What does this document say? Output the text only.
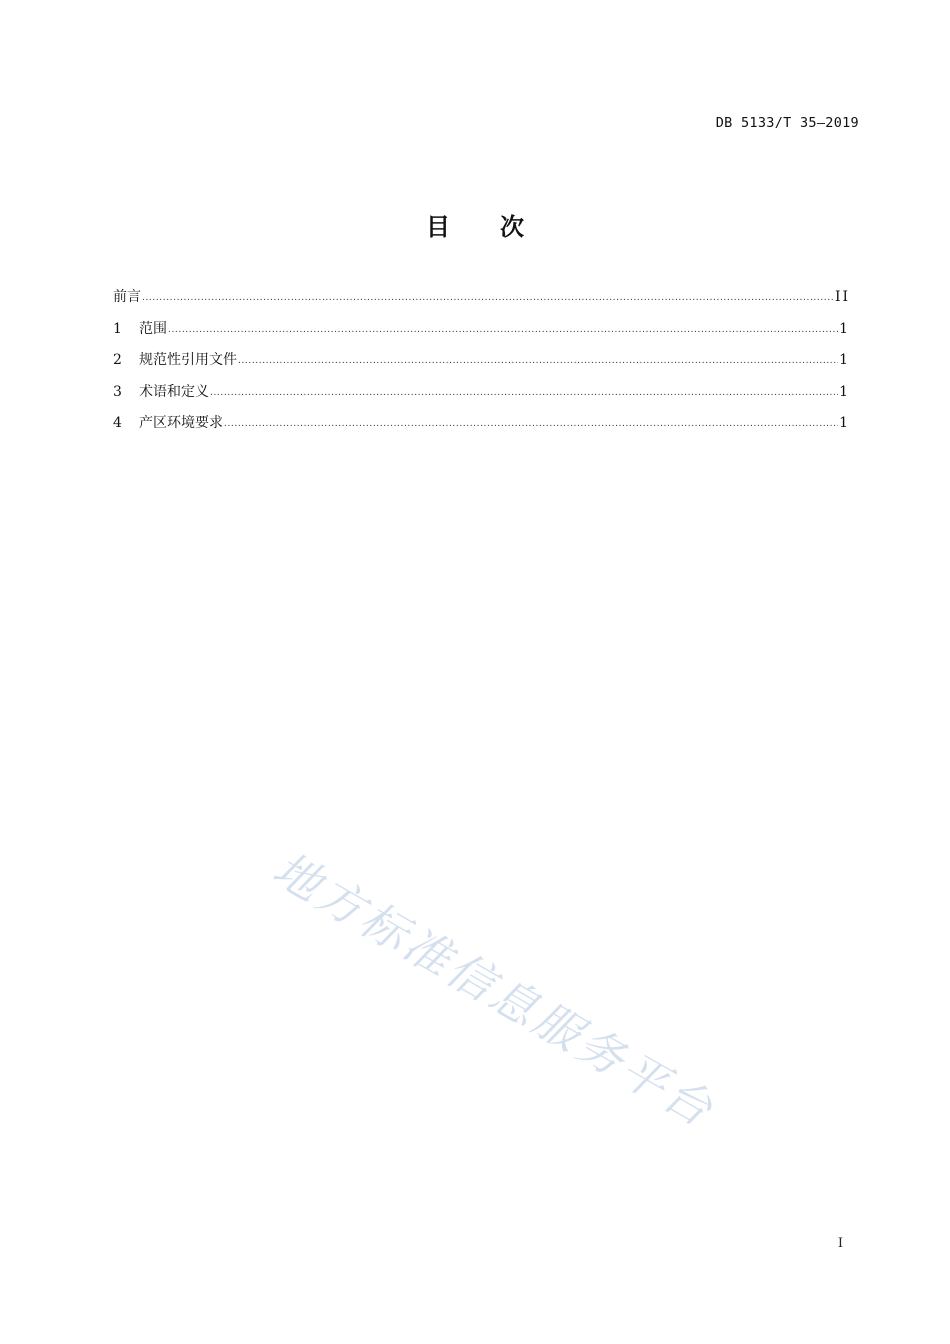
DB 5133/T 35—2019
目 次
前言 .....	II
1	范围 .....	1
2	规范性引用文件 .....	1
3	术语和定义 .....	1
4	产区环境要求 .....	1
地方标准信息服务平台
I
